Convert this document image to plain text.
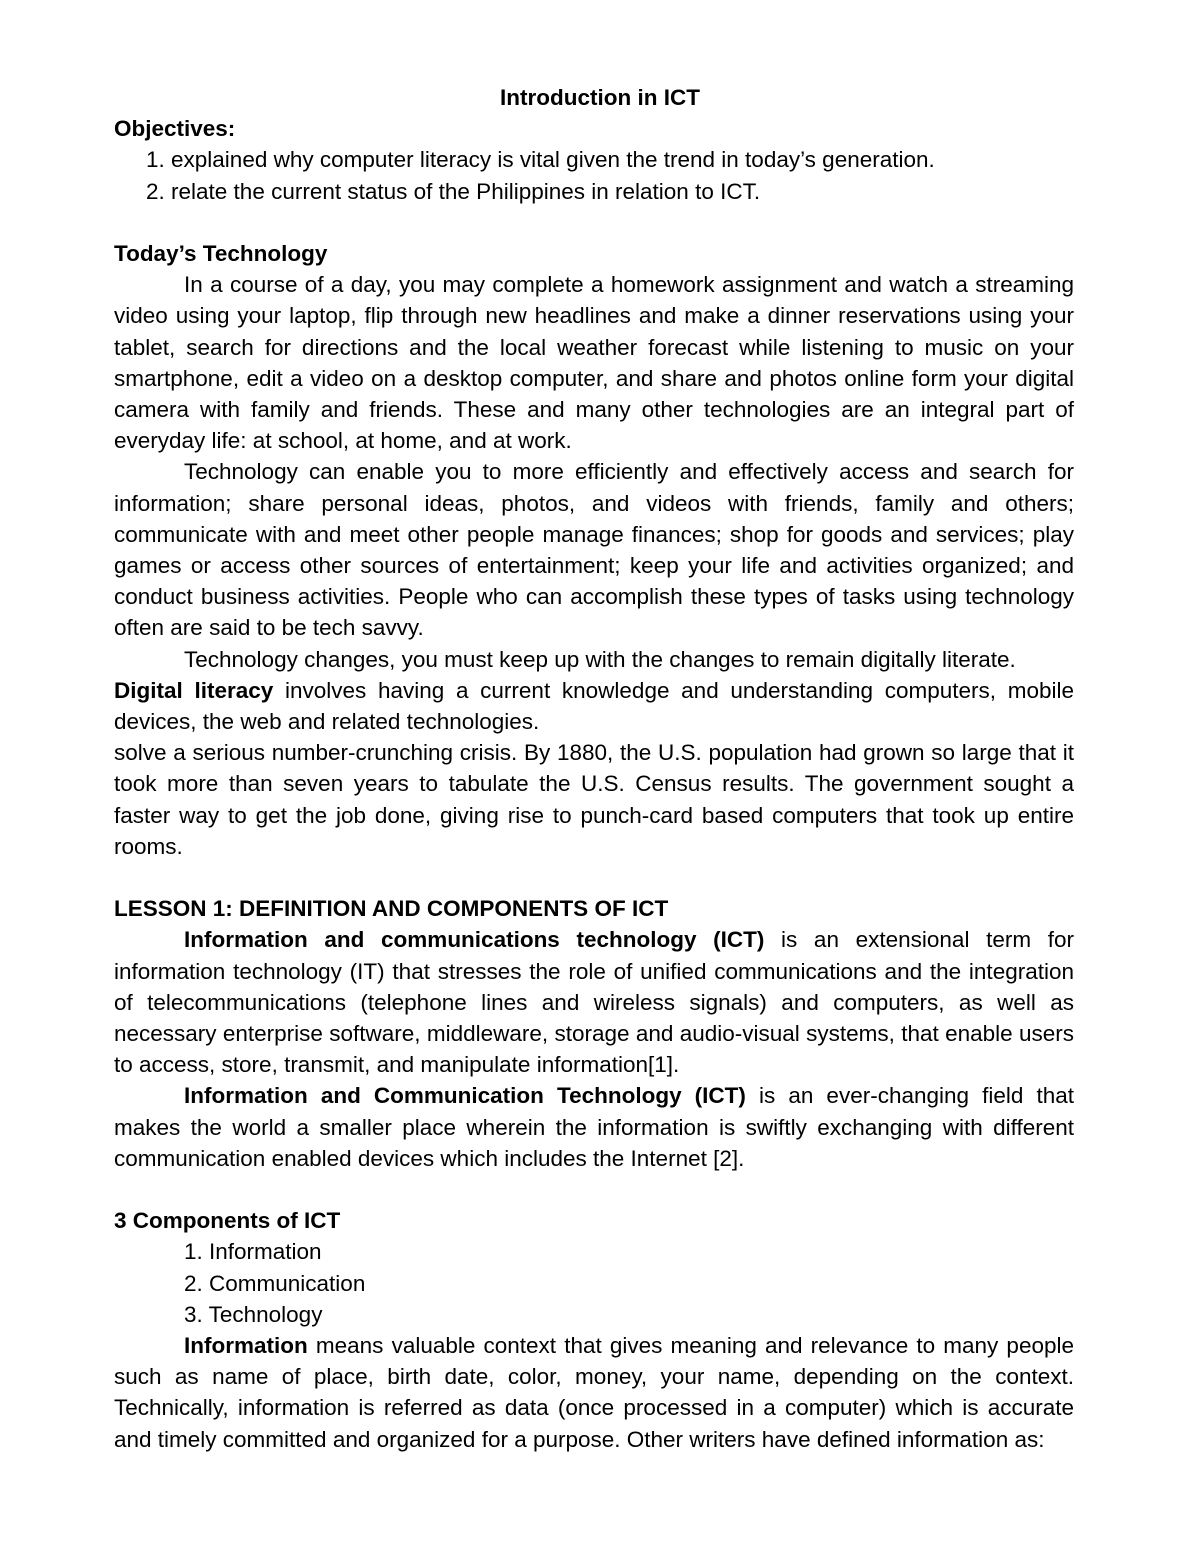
Introduction in ICT
Objectives:
1. explained why computer literacy is vital given the trend in today’s generation.
2. relate the current status of the Philippines in relation to ICT.
Today’s Technology

In a course of a day, you may complete a homework assignment and watch a streaming video using your laptop, flip through new headlines and make a dinner reservations using your tablet, search for directions and the local weather forecast while listening to music on your smartphone, edit a video on a desktop computer, and share and photos online form your digital camera with family and friends. These and many other technologies are an integral part of everyday life: at school, at home, and at work.

Technology can enable you to more efficiently and effectively access and search for information; share personal ideas, photos, and videos with friends, family and others; communicate with and meet other people manage finances; shop for goods and services; play games or access other sources of entertainment; keep your life and activities organized; and conduct business activities. People who can accomplish these types of tasks using technology often are said to be tech savvy.

Technology changes, you must keep up with the changes to remain digitally literate.

Digital literacy involves having a current knowledge and understanding computers, mobile devices, the web and related technologies.

solve a serious number-crunching crisis. By 1880, the U.S. population had grown so large that it took more than seven years to tabulate the U.S. Census results. The government sought a faster way to get the job done, giving rise to punch-card based computers that took up entire rooms.

LESSON 1: DEFINITION AND COMPONENTS OF ICT

Information and communications technology (ICT) is an extensional term for information technology (IT) that stresses the role of unified communications and the integration of telecommunications (telephone lines and wireless signals) and computers, as well as necessary enterprise software, middleware, storage and audio-visual systems, that enable users to access, store, transmit, and manipulate information[1].

Information and Communication Technology (ICT) is an ever-changing field that makes the world a smaller place wherein the information is swiftly exchanging with different communication enabled devices which includes the Internet [2].

3 Components of ICT
1. Information
2. Communication
3. Technology

Information means valuable context that gives meaning and relevance to many people such as name of place, birth date, color, money, your name, depending on the context. Technically, information is referred as data (once processed in a computer) which is accurate and timely committed and organized for a purpose. Other writers have defined information as:
